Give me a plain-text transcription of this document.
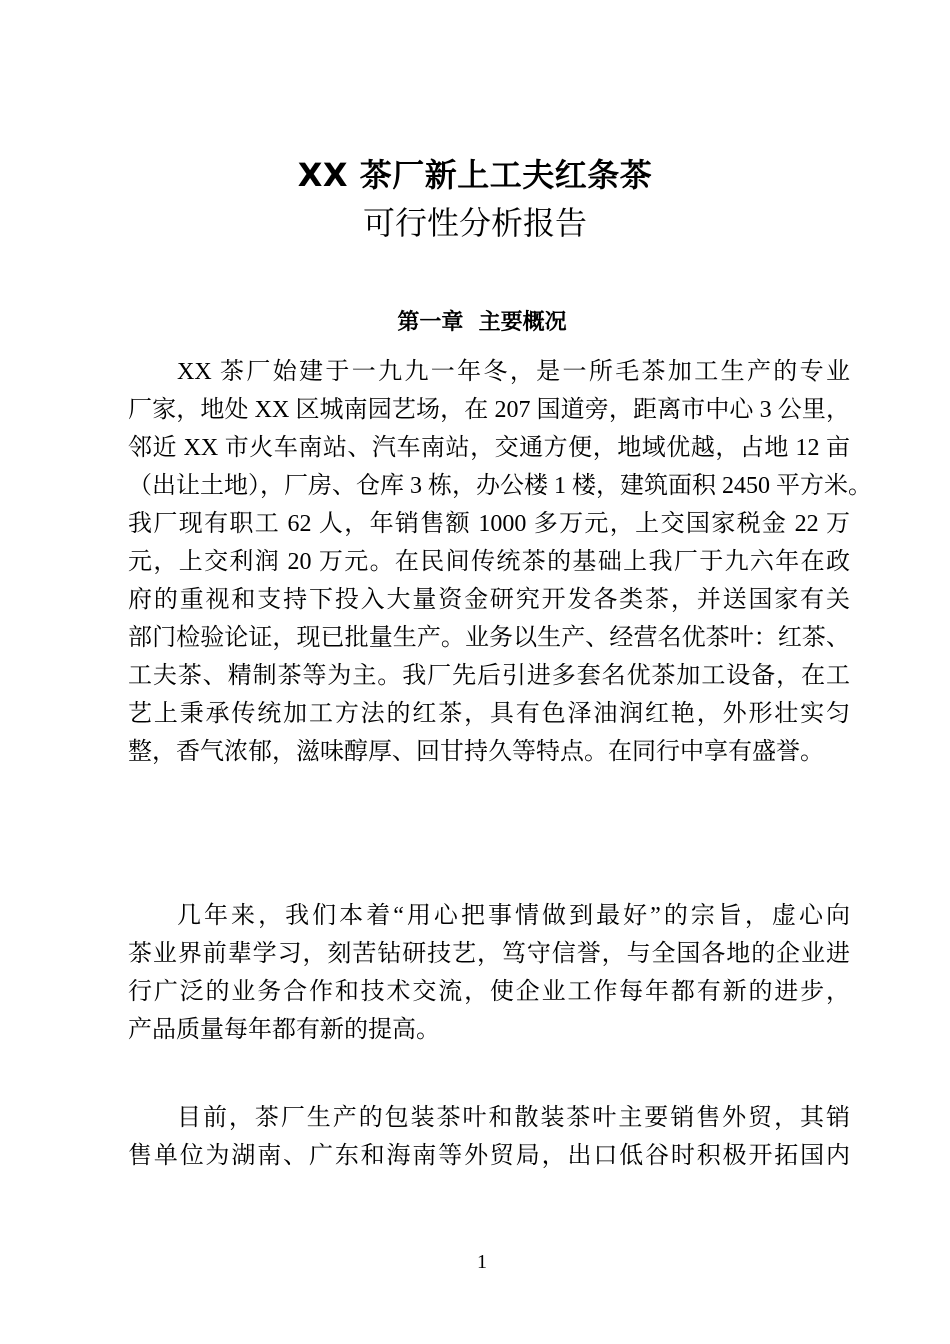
XX 茶厂新上工夫红条茶
可行性分析报告
第一章  主要概况
XX 茶厂始建于一九九一年冬，是一所毛茶加工生产的专业
厂家，地处 XX 区城南园艺场，在 207 国道旁，距离市中心 3 公里，
邻近 XX 市火车南站、汽车南站，交通方便，地域优越，占地 12 亩
（出让土地），厂房、仓库 3 栋，办公楼 1 楼，建筑面积 2450 平方米。
我厂现有职工 62 人，年销售额 1000 多万元，上交国家税金 22 万
元，上交利润 20 万元。在民间传统茶的基础上我厂于九六年在政
府的重视和支持下投入大量资金研究开发各类茶，并送国家有关
部门检验论证，现已批量生产。业务以生产、经营名优茶叶：红茶、
工夫茶、精制茶等为主。我厂先后引进多套名优茶加工设备，在工
艺上秉承传统加工方法的红茶，具有色泽油润红艳，外形壮实匀
整，香气浓郁，滋味醇厚、回甘持久等特点。在同行中享有盛誉。
几年来，我们本着“用心把事情做到最好”的宗旨，虚心向
茶业界前辈学习，刻苦钻研技艺，笃守信誉，与全国各地的企业进
行广泛的业务合作和技术交流，使企业工作每年都有新的进步，
产品质量每年都有新的提高。
目前，茶厂生产的包装茶叶和散装茶叶主要销售外贸，其销
售单位为湖南、广东和海南等外贸局，出口低谷时积极开拓国内
1
